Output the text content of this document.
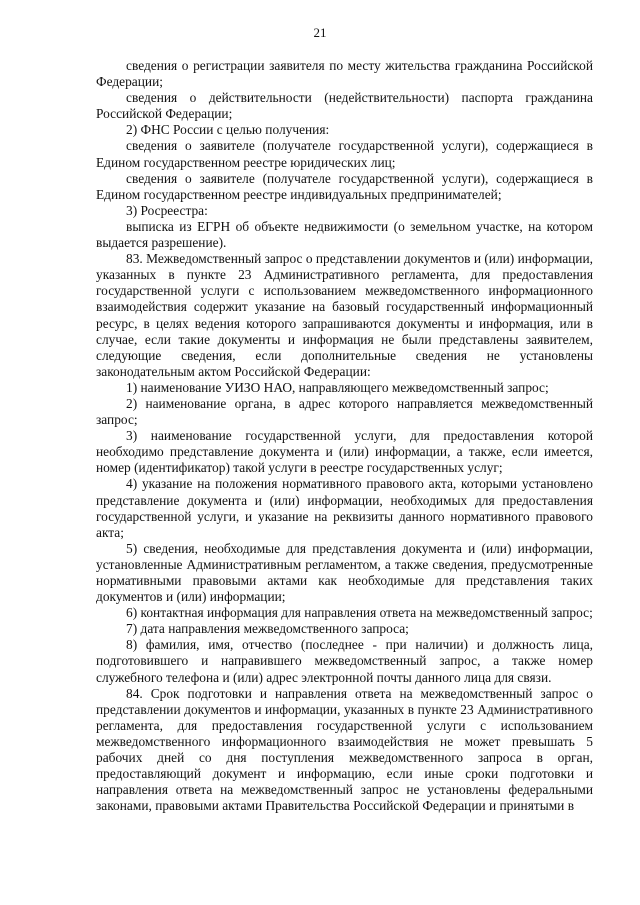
21

сведения о регистрации заявителя по месту жительства гражданина Российской Федерации;

сведения о действительности (недействительности) паспорта гражданина Российской Федерации;

2) ФНС России с целью получения:

сведения о заявителе (получателе государственной услуги), содержащиеся в Едином государственном реестре юридических лиц;

сведения о заявителе (получателе государственной услуги), содержащиеся в Едином государственном реестре индивидуальных предпринимателей;

3) Росреестра:

выписка из ЕГРН об объекте недвижимости (о земельном участке, на котором выдается разрешение).

83. Межведомственный запрос о представлении документов и (или) информации, указанных в пункте 23 Административного регламента, для предоставления государственной услуги с использованием межведомственного информационного взаимодействия содержит указание на базовый государственный информационный ресурс, в целях ведения которого запрашиваются документы и информация, или в случае, если такие документы и информация не были представлены заявителем, следующие сведения, если дополнительные сведения не установлены законодательным актом Российской Федерации:

1) наименование УИЗО НАО, направляющего межведомственный запрос;

2) наименование органа, в адрес которого направляется межведомственный запрос;

3) наименование государственной услуги, для предоставления которой необходимо представление документа и (или) информации, а также, если имеется, номер (идентификатор) такой услуги в реестре государственных услуг;

4) указание на положения нормативного правового акта, которыми установлено представление документа и (или) информации, необходимых для предоставления государственной услуги, и указание на реквизиты данного нормативного правового акта;

5) сведения, необходимые для представления документа и (или) информации, установленные Административным регламентом, а также сведения, предусмотренные нормативными правовыми актами как необходимые для представления таких документов и (или) информации;

6) контактная информация для направления ответа на межведомственный запрос;

7) дата направления межведомственного запроса;

8) фамилия, имя, отчество (последнее - при наличии) и должность лица, подготовившего и направившего межведомственный запрос, а также номер служебного телефона и (или) адрес электронной почты данного лица для связи.

84. Срок подготовки и направления ответа на межведомственный запрос о представлении документов и информации, указанных в пункте 23 Административного регламента, для предоставления государственной услуги с использованием межведомственного информационного взаимодействия не может превышать 5 рабочих дней со дня поступления межведомственного запроса в орган, предоставляющий документ и информацию, если иные сроки подготовки и направления ответа на межведомственный запрос не установлены федеральными законами, правовыми актами Правительства Российской Федерации и принятыми в
